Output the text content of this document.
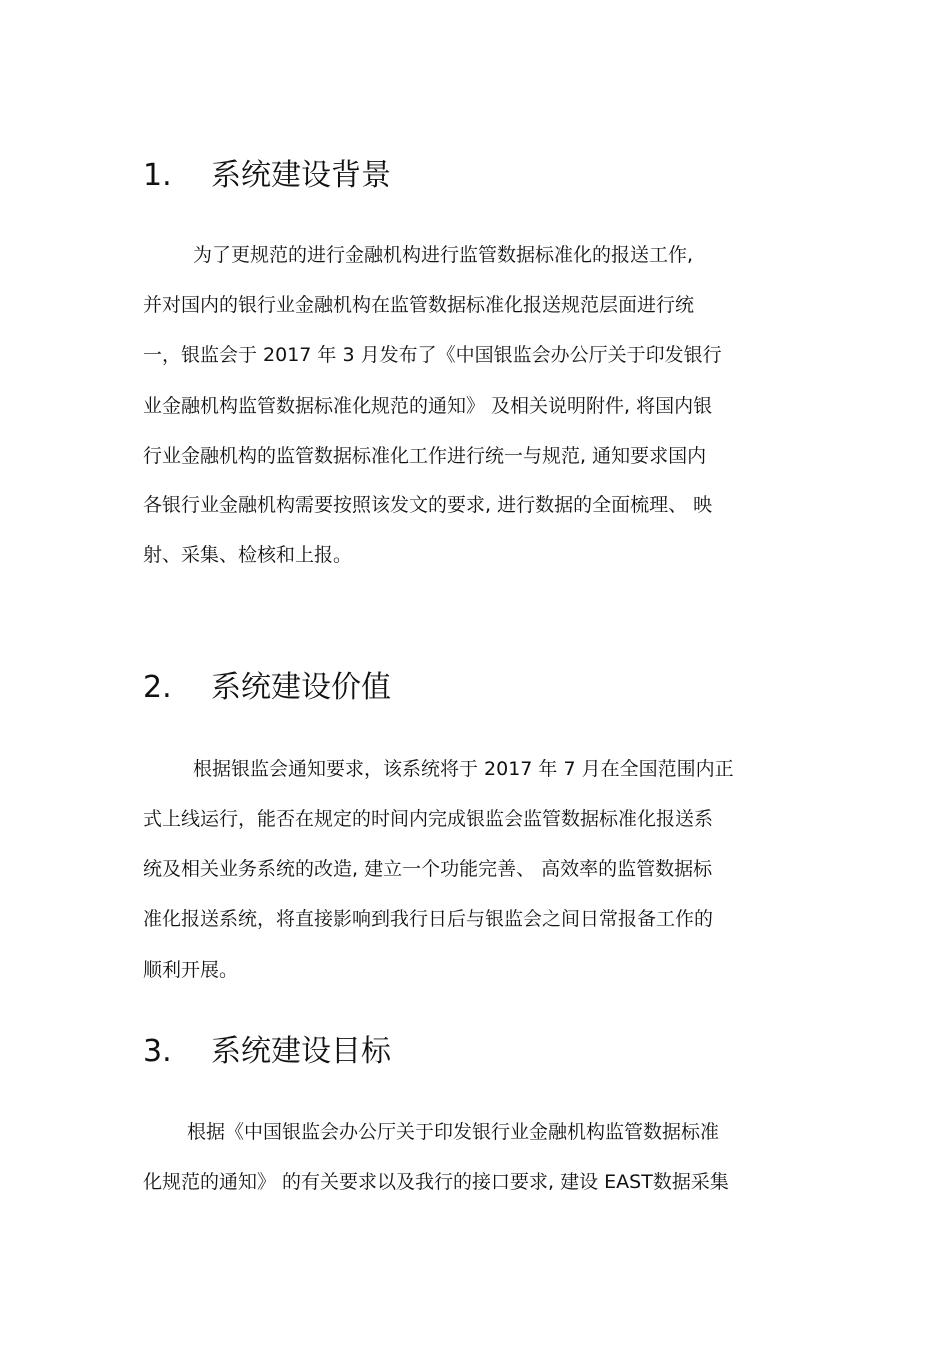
1. 系统建设背景

为了更规范的进行金融机构进行监管数据标准化的报送工作,

并对国内的银行业金融机构在监管数据标准化报送规范层面进行统

一，银监会于 2017 年 3 月发布了《中国银监会办公厅关于印发银行

业金融机构监管数据标准化规范的通知》 及相关说明附件, 将国内银

行业金融机构的监管数据标准化工作进行统一与规范, 通知要求国内

各银行业金融机构需要按照该发文的要求, 进行数据的全面梳理、 映

射、采集、检核和上报。

2. 系统建设价值

根据银监会通知要求，该系统将于 2017 年 7 月在全国范围内正

式上线运行，能否在规定的时间内完成银监会监管数据标准化报送系

统及相关业务系统的改造, 建立一个功能完善、 高效率的监管数据标

准化报送系统，将直接影响到我行日后与银监会之间日常报备工作的

顺利开展。

3. 系统建设目标

根据《中国银监会办公厅关于印发银行业金融机构监管数据标准

化规范的通知》 的有关要求以及我行的接口要求, 建设 EAST数据采集
